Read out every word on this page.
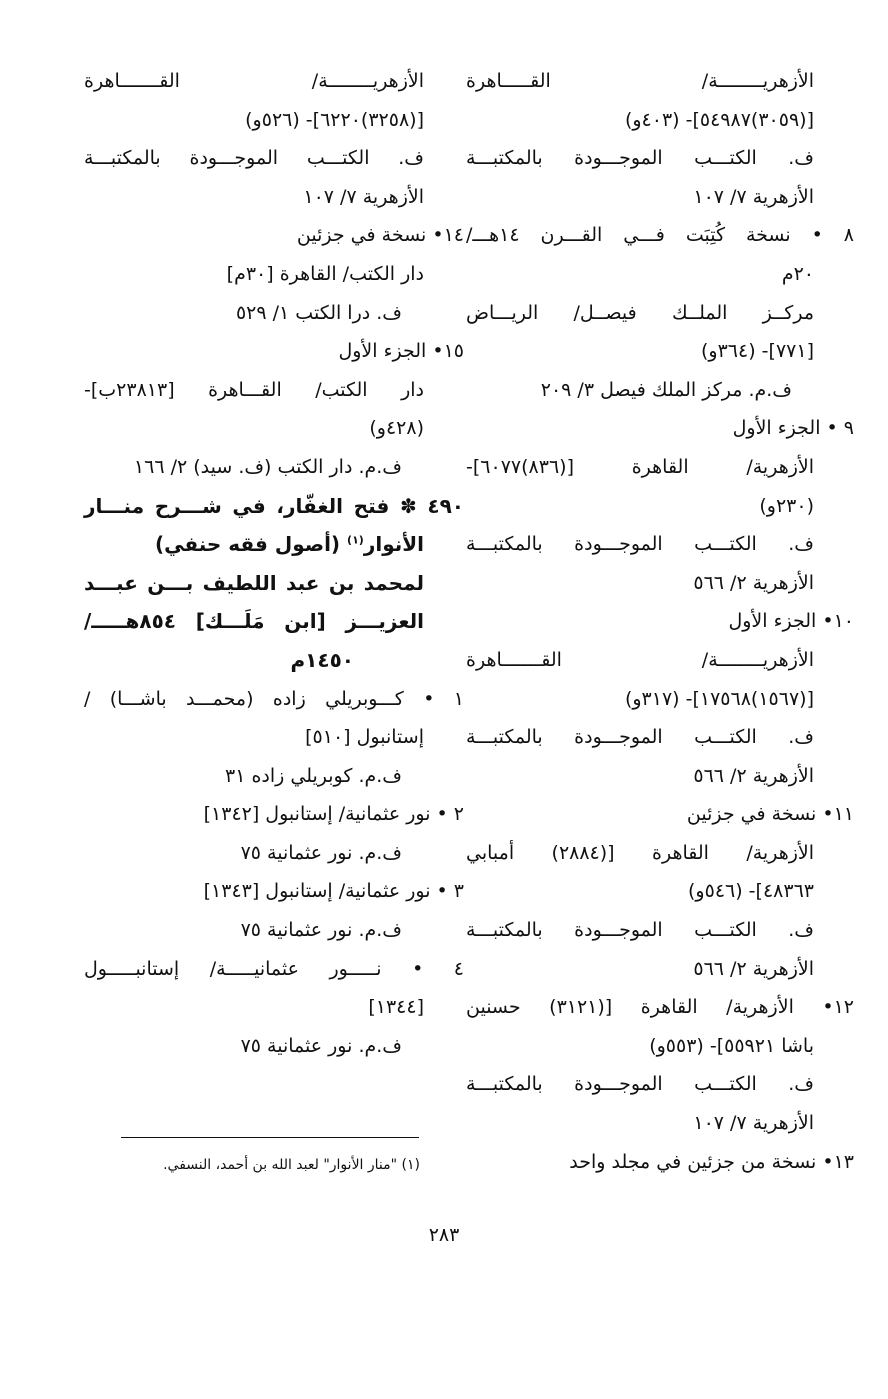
الأزهريــــــــة/ القـــــاهرة
[(٣٠٥٩)٥٤٩٨٧]- (٤٠٣و)
ف. الكتـــب الموجـــودة بالمكتبـــة
الأزهرية ٧/ ١٠٧
٨ • نسخة كُتِبَت فـــي القـــرن ١٤هـــ/
٢٠م
مركــز الملــك فيصــل/ الريـــاض
[٧٧١]- (٣٦٤و)
ف.م. مركز الملك فيصل ٣/ ٢٠٩
٩ • الجزء الأول
الأزهرية/ القاهرة [(٨٣٦)٦٠٧٧]-
(٢٣٠و)
ف. الكتـــب الموجـــودة بالمكتبـــة
الأزهرية ٢/ ٥٦٦
١٠• الجزء الأول
الأزهريــــــــة/ القـــــــاهرة
[(١٥٦٧)١٧٥٦٨]- (٣١٧و)
ف. الكتـــب الموجـــودة بالمكتبـــة
الأزهرية ٢/ ٥٦٦
١١• نسخة في جزئين
الأزهرية/ القاهرة [(٢٨٨٤) أمبابي
٤٨٣٦٣]- (٥٤٦و)
ف. الكتـــب الموجـــودة بالمكتبـــة
الأزهرية ٢/ ٥٦٦
١٢• الأزهرية/ القاهرة [(٣١٢١) حسنين
باشا ٥٥٩٢١]- (٥٥٣و)
ف. الكتـــب الموجـــودة بالمكتبـــة
الأزهرية ٧/ ١٠٧
١٣• نسخة من جزئين في مجلد واحد
الأزهريــــــــة/ القـــــــاهرة
[(٣٢٥٨)٦٢٢٠]- (٥٢٦و)
ف. الكتـــب الموجـــودة بالمكتبـــة
الأزهرية ٧/ ١٠٧
١٤• نسخة في جزئين
دار الكتب/ القاهرة [٣٠م]
ف. درا الكتب ١/ ٥٢٩
١٥• الجزء الأول
دار الكتب/ القـــاهرة [٢٣٨١٣ب]-
(٤٢٨و)
ف.م. دار الكتب (ف. سيد) ٢/ ١٦٦
٤٩٠ ✽ فتح الغفّار، في شـــرح منـــار
الأنوار$^{(١)}$ (أصول فقه حنفي)
لمحمد بن عبد اللطيف بـــن عبـــد
العزيـــز [ابن مَلَـــك] ٨٥٤هـــــ/
١٤٥٠م
١ • كـــوبريلي زاده (محمـــد باشـــا) /
إستانبول [٥١٠]
ف.م. كوبريلي زاده ٣١
٢ • نور عثمانية/ إستانبول [١٣٤٢]
ف.م. نور عثمانية ٧٥
٣ • نور عثمانية/ إستانبول [١٣٤٣]
ف.م. نور عثمانية ٧٥
٤ • نـــــور عثمانيـــــة/ إستانبـــــول
[١٣٤٤]
ف.م. نور عثمانية ٧٥
(١) "منار الأنوار" لعبد الله بن أحمد، النسفي.
٢٨٣
